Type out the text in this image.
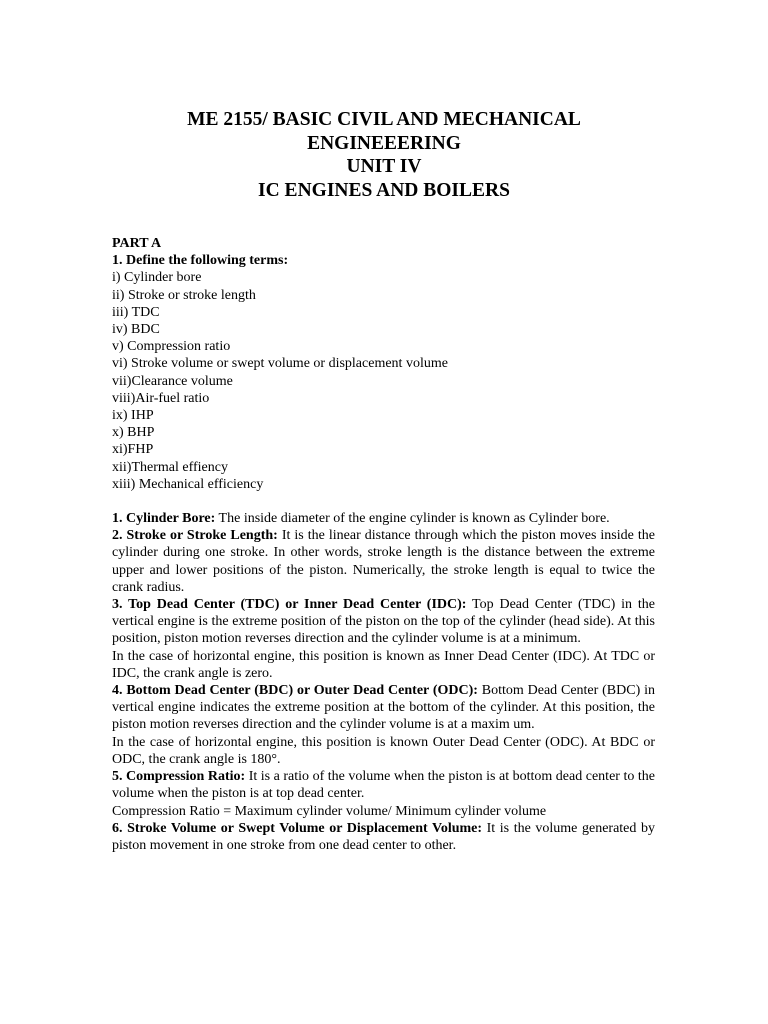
ME 2155/ BASIC CIVIL AND MECHANICAL
ENGINEEERING
UNIT IV
IC ENGINES AND BOILERS
PART A
1. Define the following terms:
i) Cylinder bore
ii) Stroke or stroke length
iii) TDC
iv) BDC
v) Compression ratio
vi) Stroke volume or swept volume or displacement volume
vii)Clearance volume
viii)Air-fuel ratio
ix) IHP
x) BHP
xi)FHP
xii)Thermal effiency
xiii) Mechanical efficiency
1. Cylinder Bore: The inside diameter of the engine cylinder is known as Cylinder bore.
2. Stroke or Stroke Length: It is the linear distance through which the piston moves inside the cylinder during one stroke. In other words, stroke length is the distance between the extreme upper and lower positions of the piston. Numerically, the stroke length is equal to twice the crank radius.
3. Top Dead Center (TDC) or Inner Dead Center (IDC): Top Dead Center (TDC) in the vertical engine is the extreme position of the piston on the top of the cylinder (head side). At this position, piston motion reverses direction and the cylinder volume is at a minimum.
In the case of horizontal engine, this position is known as Inner Dead Center (IDC). At TDC or IDC, the crank angle is zero.
4. Bottom Dead Center (BDC) or Outer Dead Center (ODC): Bottom Dead Center (BDC) in vertical engine indicates the extreme position at the bottom of the cylinder. At this position, the piston motion reverses direction and the cylinder volume is at a maxim um.
In the case of horizontal engine, this position is known Outer Dead Center (ODC). At BDC or ODC, the crank angle is 180°.
5. Compression Ratio: It is a ratio of the volume when the piston is at bottom dead center to the volume when the piston is at top dead center.
Compression Ratio = Maximum cylinder volume/ Minimum cylinder volume
6. Stroke Volume or Swept Volume or Displacement Volume: It is the volume generated by piston movement in one stroke from one dead center to other.
